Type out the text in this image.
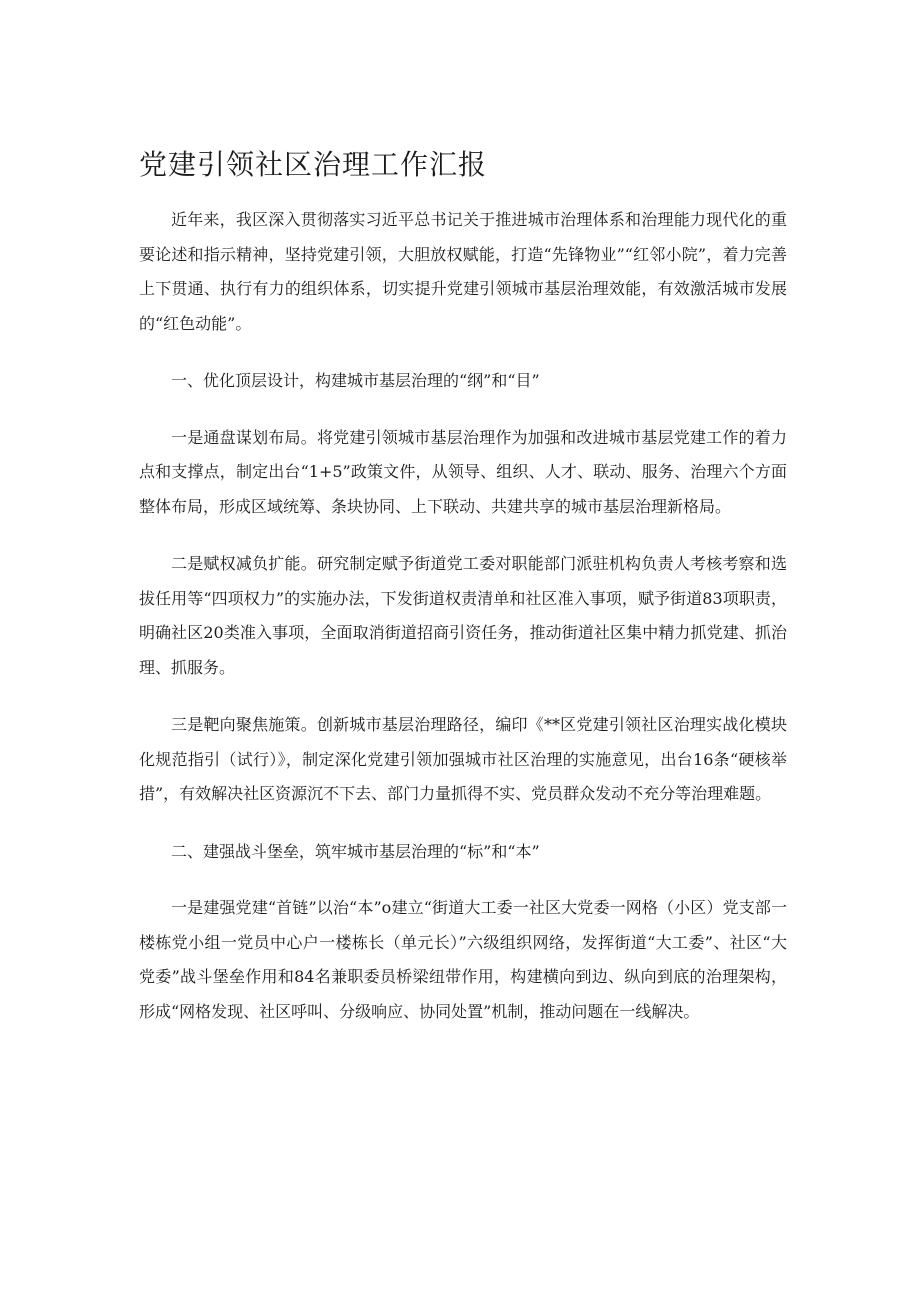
党建引领社区治理工作汇报

近年来，我区深入贯彻落实习近平总书记关于推进城市治理体系和治理能力现代化的重要论述和指示精神，坚持党建引领，大胆放权赋能，打造“先锋物业”“红邻小院”，着力完善上下贯通、执行有力的组织体系，切实提升党建引领城市基层治理效能，有效激活城市发展的“红色动能”。

一、优化顶层设计，构建城市基层治理的“纲”和“目”

一是通盘谋划布局。将党建引领城市基层治理作为加强和改进城市基层党建工作的着力点和支撑点，制定出台“1+5”政策文件，从领导、组织、人才、联动、服务、治理六个方面整体布局，形成区域统筹、条块协同、上下联动、共建共享的城市基层治理新格局。

二是赋权减负扩能。研究制定赋予街道党工委对职能部门派驻机构负责人考核考察和选拔任用等“四项权力”的实施办法，下发街道权责清单和社区准入事项，赋予街道83项职责，明确社区20类准入事项，全面取消街道招商引资任务，推动街道社区集中精力抓党建、抓治理、抓服务。

三是靶向聚焦施策。创新城市基层治理路径，编印《**区党建引领社区治理实战化模块化规范指引（试行）》，制定深化党建引领加强城市社区治理的实施意见，出台16条“硬核举措”，有效解决社区资源沉不下去、部门力量抓得不实、党员群众发动不充分等治理难题。

二、建强战斗堡垒，筑牢城市基层治理的“标”和“本”

一是建强党建“首链”以治“本”o建立“街道大工委一社区大党委一网格（小区）党支部一楼栋党小组一党员中心户一楼栋长（单元长）”六级组织网络，发挥街道“大工委”、社区“大党委”战斗堡垒作用和84名兼职委员桥梁纽带作用，构建横向到边、纵向到底的治理架构，形成“网格发现、社区呼叫、分级响应、协同处置”机制，推动问题在一线解决。
